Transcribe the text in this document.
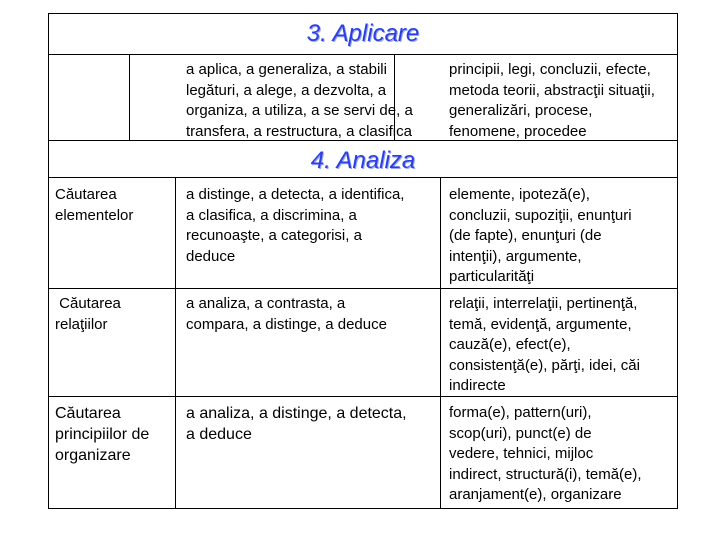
3. Aplicare
4. Analiza
a aplica, a generaliza, a stabili
legături, a alege, a dezvolta, a
organiza, a utiliza, a se servi de, a
transfera, a restructura, a clasifica
principii, legi, concluzii, efecte,
metoda teorii, abstracţii situaţii,
generalizări, procese,
fenomene, procedee
Căutarea
elementelor
a distinge, a detecta, a identifica,
a clasifica, a discrimina, a
recunoaşte, a categorisi, a
deduce
elemente, ipoteză(e),
concluzii, supoziţii, enunţuri
(de fapte), enunţuri (de
intenţii), argumente,
particularităţi
Căutarea
relaţiilor
a analiza, a contrasta, a
compara, a distinge, a deduce
relaţii, interrelaţii, pertinenţă,
temă, evidenţă, argumente,
cauză(e), efect(e),
consistenţă(e), părţi, idei, căi
indirecte
Căutarea
principiilor de
organizare
a analiza, a distinge, a detecta,
a deduce
forma(e), pattern(uri),
scop(uri), punct(e) de
vedere, tehnici, mijloc
indirect, structură(i), temă(e),
aranjament(e), organizare
